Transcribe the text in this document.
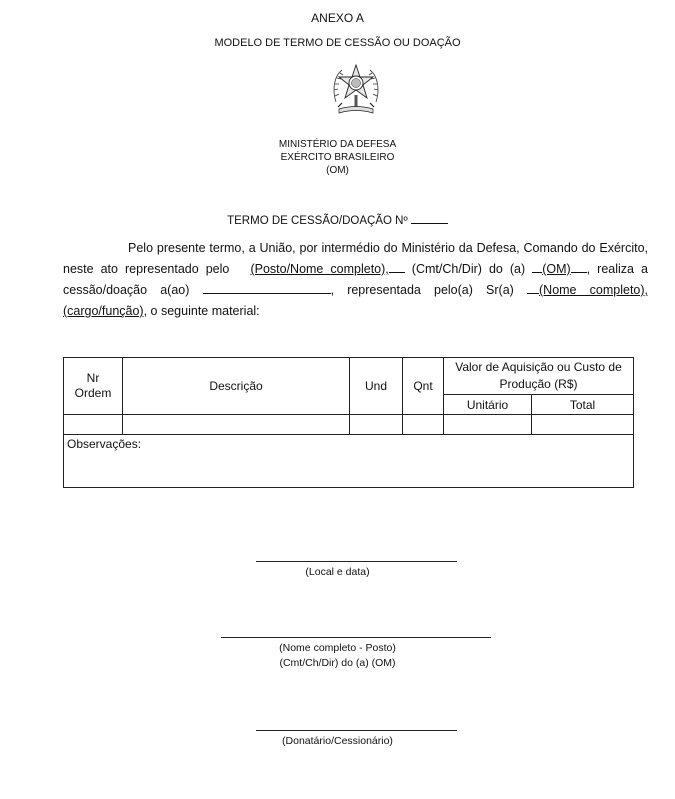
ANEXO A
MODELO DE TERMO DE CESSÃO OU DOAÇÃO
MINISTÉRIO DA DEFESA
EXÉRCITO BRASILEIRO
(OM)
TERMO DE CESSÃO/DOAÇÃO Nº

Pelo presente termo, a União, por intermédio do Ministério da Defesa, Comando do Exército, neste ato representado pelo (Posto/Nome completo), (Cmt/Ch/Dir) do (a) (OM) , realiza a cessão/doação a(ao)	, representada pelo(a) Sr(a) (Nome completo), (cargo/função), o seguinte material:

Nr
Ordem	Descrição	Und	Qnt	Valor de Aquisição ou Custo de Produção (R$)	
				Unitário	Total

Observações:					
(Local e data)
(Nome completo - Posto)
(Cmt/Ch/Dir) do (a) (OM)
(Donatário/Cessionário)
